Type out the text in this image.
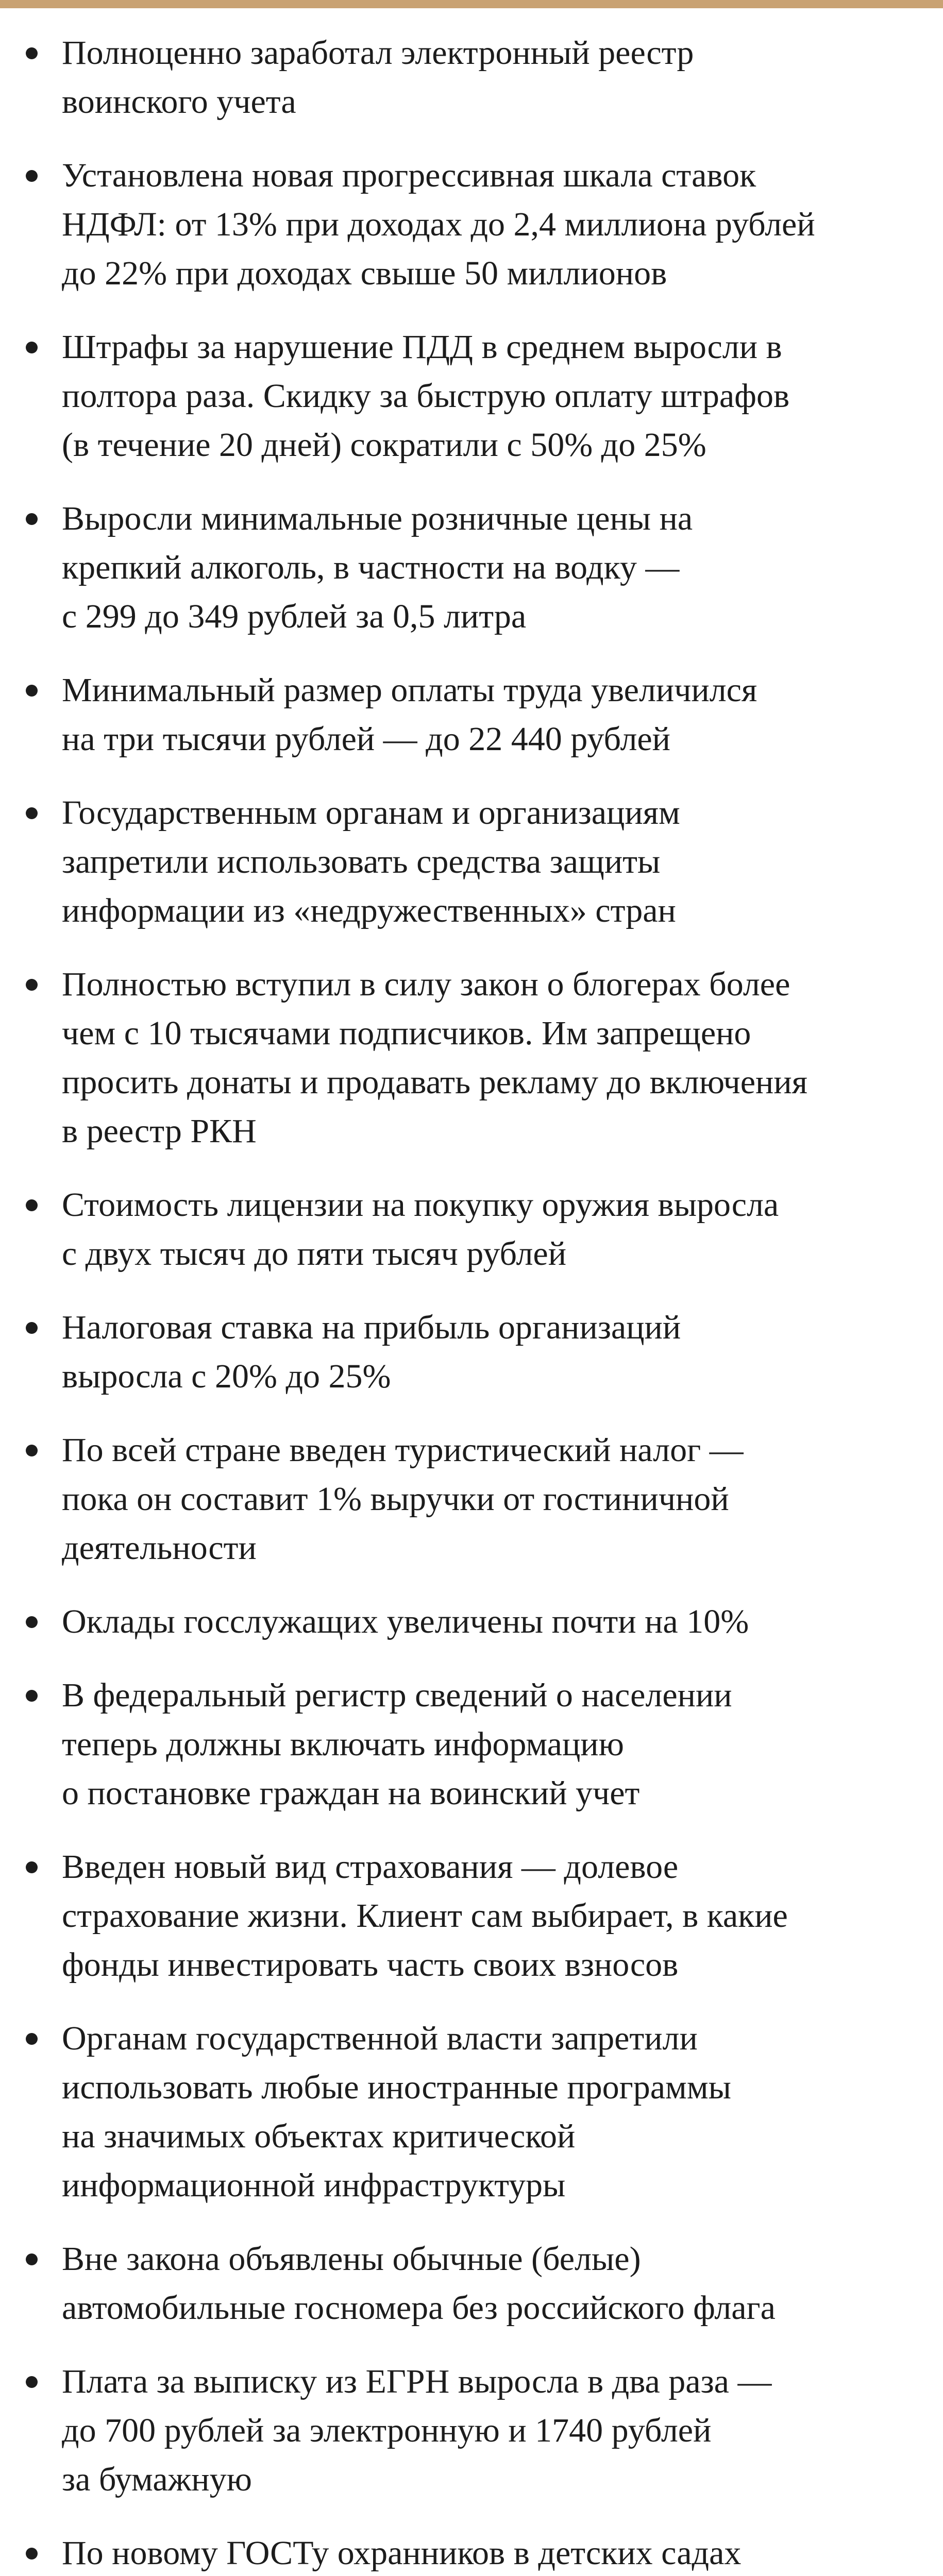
Полноценно заработал электронный реестр
воинского учета
Установлена новая прогрессивная шкала ставок
НДФЛ: от 13% при доходах до 2,4 миллиона рублей
до 22% при доходах свыше 50 миллионов
Штрафы за нарушение ПДД в среднем выросли в
полтора раза. Скидку за быструю оплату штрафов
(в течение 20 дней) сократили с 50% до 25%
Выросли минимальные розничные цены на
крепкий алкоголь, в частности на водку —
с 299 до 349 рублей за 0,5 литра
Минимальный размер оплаты труда увеличился
на три тысячи рублей — до 22 440 рублей
Государственным органам и организациям
запретили использовать средства защиты
информации из «недружественных» стран
Полностью вступил в силу закон о блогерах более
чем с 10 тысячами подписчиков. Им запрещено
просить донаты и продавать рекламу до включения
в реестр РКН
Стоимость лицензии на покупку оружия выросла
с двух тысяч до пяти тысяч рублей
Налоговая ставка на прибыль организаций
выросла с 20% до 25%
По всей стране введен туристический налог —
пока он составит 1% выручки от гостиничной
деятельности
Оклады госслужащих увеличены почти на 10%
В федеральный регистр сведений о населении
теперь должны включать информацию
о постановке граждан на воинский учет
Введен новый вид страхования — долевое
страхование жизни. Клиент сам выбирает, в какие
фонды инвестировать часть своих взносов
Органам государственной власти запретили
использовать любые иностранные программы
на значимых объектах критической
информационной инфраструктуры
Вне закона объявлены обычные (белые)
автомобильные госномера без российского флага
Плата за выписку из ЕГРН выросла в два раза —
до 700 рублей за электронную и 1740 рублей
за бумажную
По новому ГОСТу охранников в детских садах
